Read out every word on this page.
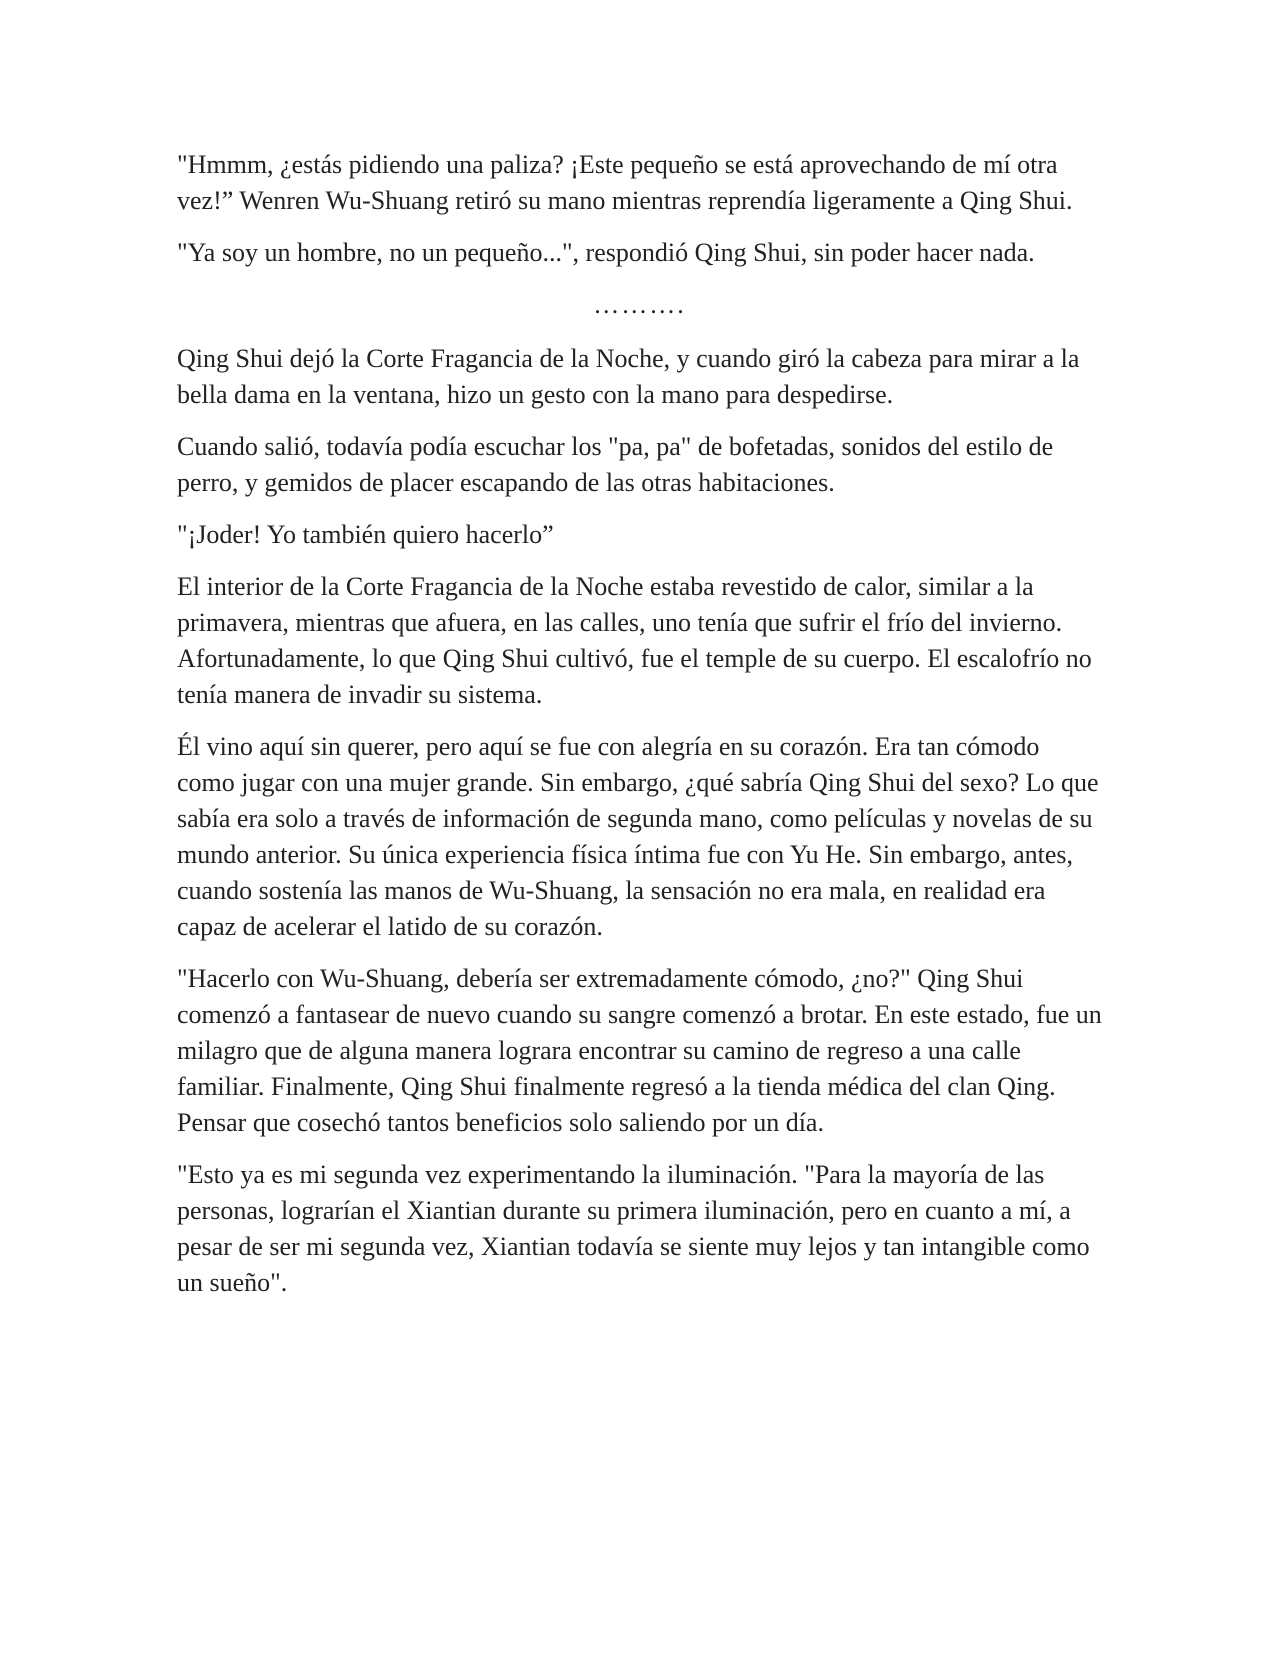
"Hmmm, ¿estás pidiendo una paliza? ¡Este pequeño se está aprovechando de mí otra vez!” Wenren Wu-Shuang retiró su mano mientras reprendía ligeramente a Qing Shui.

"Ya soy un hombre, no un pequeño...", respondió Qing Shui, sin poder hacer nada.

……….

Qing Shui dejó la Corte Fragancia de la Noche, y cuando giró la cabeza para mirar a la bella dama en la ventana, hizo un gesto con la mano para despedirse.

Cuando salió, todavía podía escuchar los "pa, pa" de bofetadas, sonidos del estilo de perro, y gemidos de placer escapando de las otras habitaciones.

"¡Joder! Yo también quiero hacerlo”

El interior de la Corte Fragancia de la Noche estaba revestido de calor, similar a la primavera, mientras que afuera, en las calles, uno tenía que sufrir el frío del invierno. Afortunadamente, lo que Qing Shui cultivó, fue el temple de su cuerpo. El escalofrío no tenía manera de invadir su sistema.

Él vino aquí sin querer, pero aquí se fue con alegría en su corazón. Era tan cómodo como jugar con una mujer grande. Sin embargo, ¿qué sabría Qing Shui del sexo? Lo que sabía era solo a través de información de segunda mano, como películas y novelas de su mundo anterior. Su única experiencia física íntima fue con Yu He. Sin embargo, antes, cuando sostenía las manos de Wu-Shuang, la sensación no era mala, en realidad era capaz de acelerar el latido de su corazón.

"Hacerlo con Wu-Shuang, debería ser extremadamente cómodo, ¿no?" Qing Shui comenzó a fantasear de nuevo cuando su sangre comenzó a brotar. En este estado, fue un milagro que de alguna manera lograra encontrar su camino de regreso a una calle familiar. Finalmente, Qing Shui finalmente regresó a la tienda médica del clan Qing. Pensar que cosechó tantos beneficios solo saliendo por un día.

"Esto ya es mi segunda vez experimentando la iluminación. "Para la mayoría de las personas, lograrían el Xiantian durante su primera iluminación, pero en cuanto a mí, a pesar de ser mi segunda vez, Xiantian todavía se siente muy lejos y tan intangible como un sueño".
